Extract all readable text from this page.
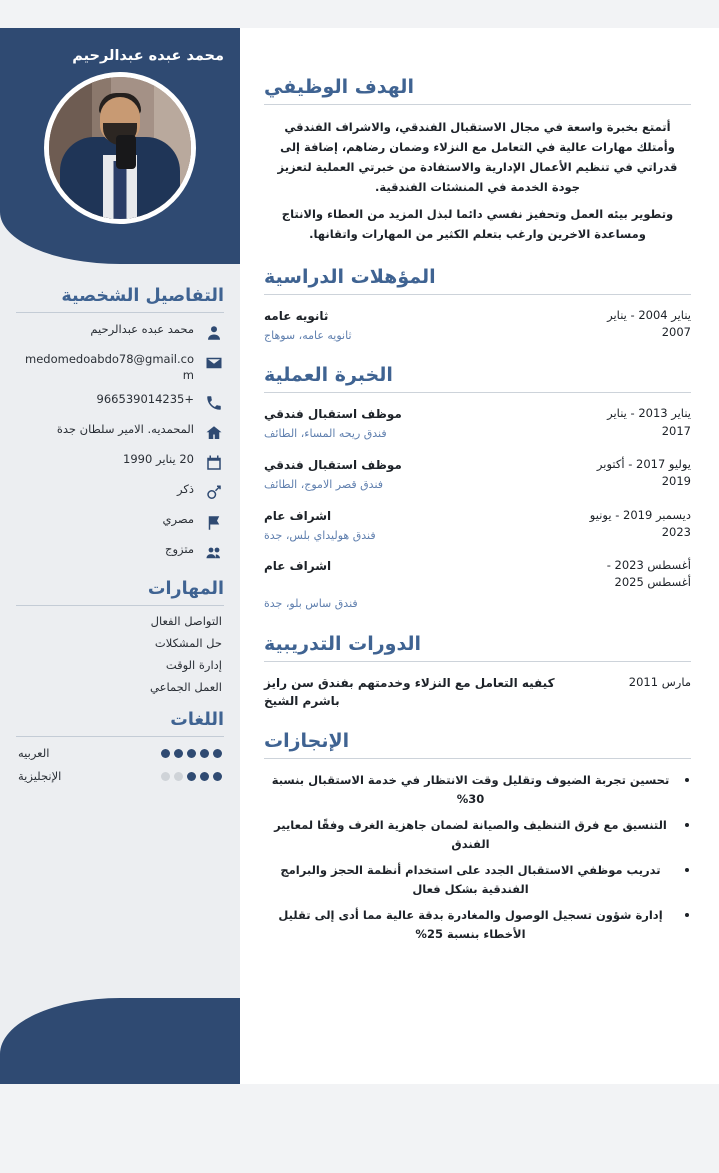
محمد عبده عبدالرحيم
التفاصيل الشخصية
محمد عبده عبدالرحيم
medomedoabdo78@gmail.com
+966539014235
المحمديه. الامير سلطان جدة
20 يناير 1990
ذكر
مصري
متزوج
المهارات
التواصل الفعال
حل المشكلات
إدارة الوقت
العمل الجماعي
اللغات
العربيه
الإنجليزية
الهدف الوظيفي

أتمتع بخبرة واسعة في مجال الاستقبال الفندقي، والاشراف الفندقي وأمتلك مهارات عالية في التعامل مع النزلاء وضمان رضاهم، إضافة إلى قدراتي في تنظيم الأعمال الإدارية والاستفادة من خبرتي العملية لتعزيز جودة الخدمة في المنشئات الفندقية.

وتطوير بيئه العمل وتحفيز نفسي دائما لبذل المزيد من العطاء والانتاج ومساعدة الاخرين وارغب بتعلم الكثير من المهارات واتقانها.

المؤهلات الدراسية
يناير 2004 - يناير 2007
ثانويه عامه
ثانويه عامه، سوهاج
الخبرة العملية
يناير 2013 - يناير 2017
موظف استقبال فندقي
فندق ريحه المساء، الطائف
يوليو 2017 - أكتوبر 2019
موظف استقبال فندقي
فندق قصر الاموج، الطائف
ديسمبر 2019 - يونيو 2023
اشراف عام
فندق هوليداي بلس، جدة
أغسطس 2023 - أغسطس 2025
اشراف عام
فندق ساس بلو، جدة
الدورات التدريبية
مارس 2011
كيفيه التعامل مع النزلاء وخدمتهم بفندق سن رايز باشرم الشيخ
الإنجازات
تحسين تجربة الضيوف وتقليل وقت الانتظار في خدمة الاستقبال بنسبة 30%
التنسيق مع فرق التنظيف والصيانة لضمان جاهزية الغرف وفقًا لمعايير الفندق
تدريب موظفي الاستقبال الجدد على استخدام أنظمة الحجز والبرامج الفندقية بشكل فعال
إدارة شؤون تسجيل الوصول والمغادرة بدقة عالية مما أدى إلى تقليل الأخطاء بنسبة 25%
